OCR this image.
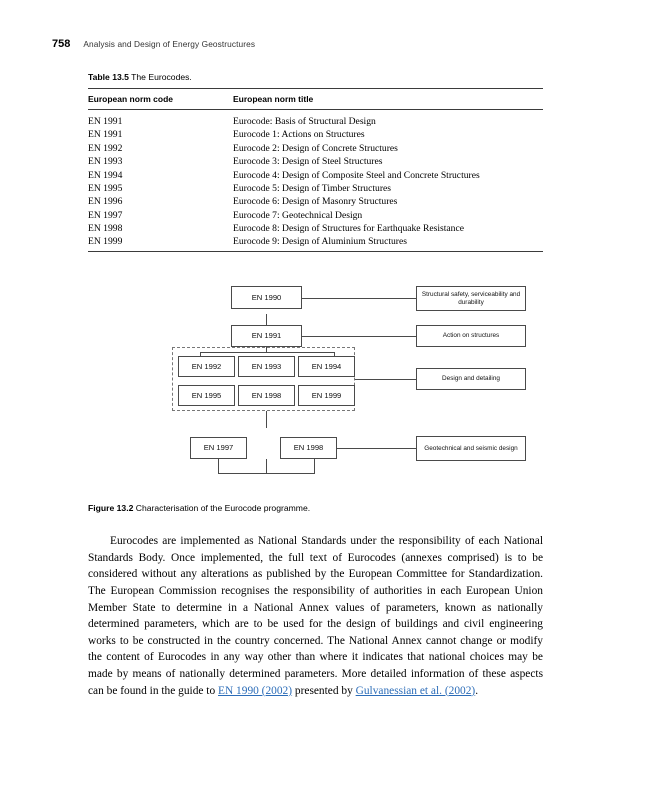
758 Analysis and Design of Energy Geostructures
Table 13.5 The Eurocodes.
European norm code	European norm title
EN 1991	Eurocode: Basis of Structural Design
EN 1991	Eurocode 1: Actions on Structures
EN 1992	Eurocode 2: Design of Concrete Structures
EN 1993	Eurocode 3: Design of Steel Structures
EN 1994	Eurocode 4: Design of Composite Steel and Concrete Structures
EN 1995	Eurocode 5: Design of Timber Structures
EN 1996	Eurocode 6: Design of Masonry Structures
EN 1997	Eurocode 7: Geotechnical Design
EN 1998	Eurocode 8: Design of Structures for Earthquake Resistance
EN 1999	Eurocode 9: Design of Aluminium Structures
EN 1990
EN 1991
EN 1992	EN 1993	EN 1994
EN 1995	EN 1998	EN 1999
EN 1997	EN 1998
Structural safety, serviceability and durability
Action on structures
Design and detailing
Geotechnical and seismic design
Figure 13.2 Characterisation of the Eurocode programme.

Eurocodes are implemented as National Standards under the responsibility of each National Standards Body. Once implemented, the full text of Eurocodes (annexes comprised) is to be considered without any alterations as published by the European Committee for Standardization. The European Commission recognises the responsibility of authorities in each European Union Member State to determine in a National Annex values of parameters, known as nationally determined parameters, which are to be used for the design of buildings and civil engineering works to be constructed in the country concerned. The National Annex cannot change or modify the content of Eurocodes in any way other than where it indicates that national choices may be made by means of nationally determined parameters. More detailed information of these aspects can be found in the guide to EN 1990 (2002) presented by Gulvanessian et al. (2002).
